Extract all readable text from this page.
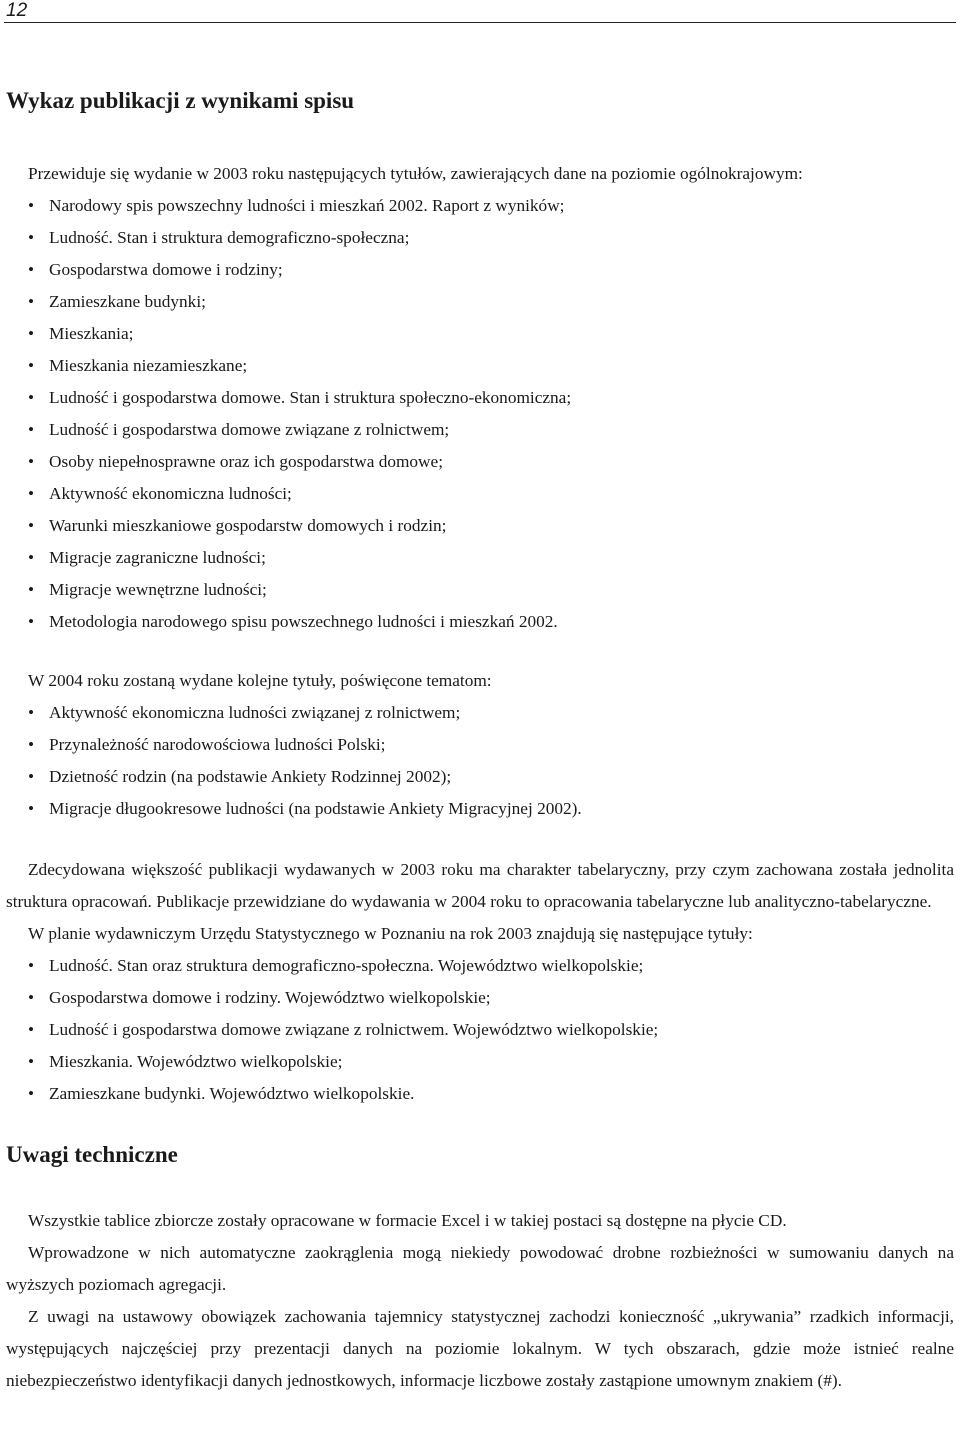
12
Wykaz publikacji z wynikami spisu

Przewiduje się wydanie w 2003 roku następujących tytułów, zawierających dane na poziomie ogólnokrajowym:

• Narodowy spis powszechny ludności i mieszkań 2002. Raport z wyników;
• Ludność. Stan i struktura demograficzno-społeczna;
• Gospodarstwa domowe i rodziny;
• Zamieszkane budynki;
• Mieszkania;
• Mieszkania niezamieszkane;
• Ludność i gospodarstwa domowe. Stan i struktura społeczno-ekonomiczna;
• Ludność i gospodarstwa domowe związane z rolnictwem;
• Osoby niepełnosprawne oraz ich gospodarstwa domowe;
• Aktywność ekonomiczna ludności;
• Warunki mieszkaniowe gospodarstw domowych i rodzin;
• Migracje zagraniczne ludności;
• Migracje wewnętrzne ludności;
• Metodologia narodowego spisu powszechnego ludności i mieszkań 2002.

W 2004 roku zostaną wydane kolejne tytuły, poświęcone tematom:

• Aktywność ekonomiczna ludności związanej z rolnictwem;
• Przynależność narodowościowa ludności Polski;
• Dzietność rodzin (na podstawie Ankiety Rodzinnej 2002);
• Migracje długookresowe ludności (na podstawie Ankiety Migracyjnej 2002).

Zdecydowana większość publikacji wydawanych w 2003 roku ma charakter tabelaryczny, przy czym zachowana została jednolita struktura opracowań. Publikacje przewidziane do wydawania w 2004 roku to opracowania tabelaryczne lub analityczno-tabelaryczne.

W planie wydawniczym Urzędu Statystycznego w Poznaniu na rok 2003 znajdują się następujące tytuły:

• Ludność. Stan oraz struktura demograficzno-społeczna. Województwo wielkopolskie;
• Gospodarstwa domowe i rodziny. Województwo wielkopolskie;
• Ludność i gospodarstwa domowe związane z rolnictwem. Województwo wielkopolskie;
• Mieszkania. Województwo wielkopolskie;
• Zamieszkane budynki. Województwo wielkopolskie.
Uwagi techniczne

Wszystkie tablice zbiorcze zostały opracowane w formacie Excel i w takiej postaci są dostępne na płycie CD.

Wprowadzone w nich automatyczne zaokrąglenia mogą niekiedy powodować drobne rozbieżności w sumowaniu danych na wyższych poziomach agregacji.

Z uwagi na ustawowy obowiązek zachowania tajemnicy statystycznej zachodzi konieczność „ukrywania” rzadkich informacji, występujących najczęściej przy prezentacji danych na poziomie lokalnym. W tych obszarach, gdzie może istnieć realne niebezpieczeństwo identyfikacji danych jednostkowych, informacje liczbowe zostały zastąpione umownym znakiem (#).
